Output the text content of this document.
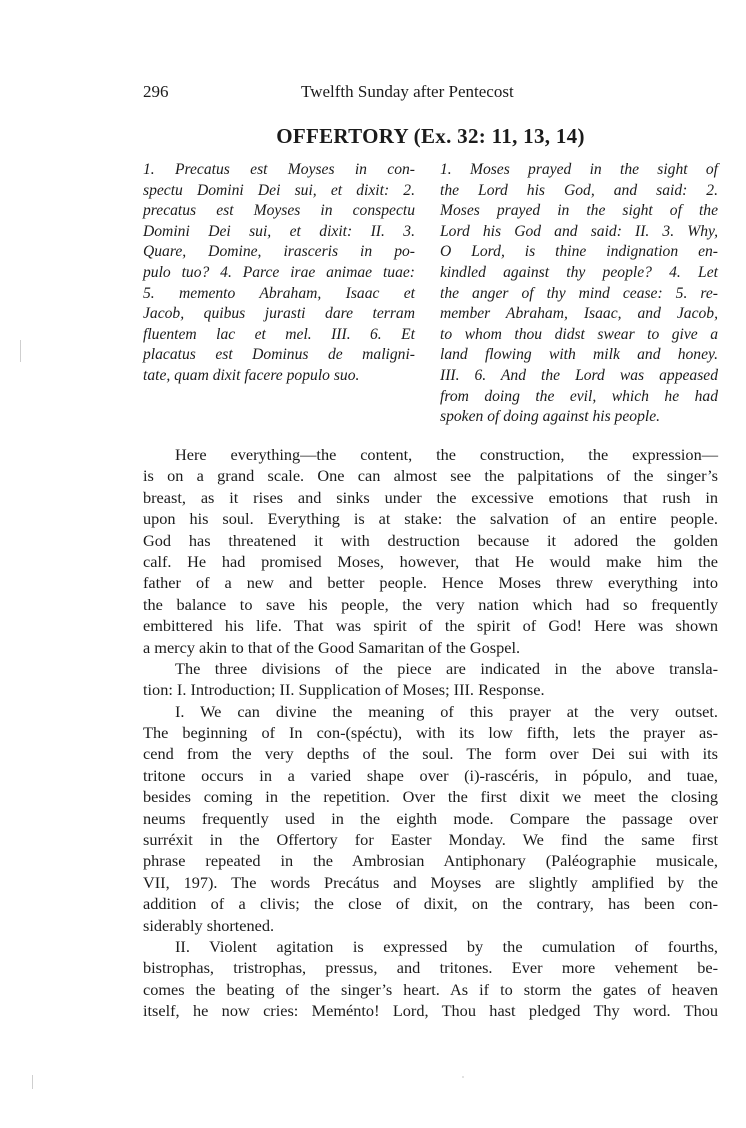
296	Twelfth Sunday after Pentecost
OFFERTORY (Ex. 32: 11, 13, 14)
1. Precatus est Moyses in con-
spectu Domini Dei sui, et dixit: 2.
precatus est Moyses in conspectu
Domini Dei sui, et dixit: II. 3.
Quare, Domine, irasceris in po-
pulo tuo? 4. Parce irae animae tuae:
5. memento Abraham, Isaac et
Jacob, quibus jurasti dare terram
fluentem lac et mel. III. 6. Et
placatus est Dominus de maligni-
tate, quam dixit facere populo suo.
1. Moses prayed in the sight of
the Lord his God, and said: 2.
Moses prayed in the sight of the
Lord his God and said: II. 3. Why,
O Lord, is thine indignation en-
kindled against thy people? 4. Let
the anger of thy mind cease: 5. re-
member Abraham, Isaac, and Jacob,
to whom thou didst swear to give a
land flowing with milk and honey.
III. 6. And the Lord was appeased
from doing the evil, which he had
spoken of doing against his people.
Here everything—the content, the construction, the expression—
is on a grand scale. One can almost see the palpitations of the singer’s
breast, as it rises and sinks under the excessive emotions that rush in
upon his soul. Everything is at stake: the salvation of an entire people.
God has threatened it with destruction because it adored the golden
calf. He had promised Moses, however, that He would make him the
father of a new and better people. Hence Moses threw everything into
the balance to save his people, the very nation which had so frequently
embittered his life. That was spirit of the spirit of God! Here was shown
a mercy akin to that of the Good Samaritan of the Gospel.
The three divisions of the piece are indicated in the above transla-
tion: I. Introduction; II. Supplication of Moses; III. Response.
I. We can divine the meaning of this prayer at the very outset.
The beginning of In con-(spéctu), with its low fifth, lets the prayer as-
cend from the very depths of the soul. The form over Dei sui with its
tritone occurs in a varied shape over (i)-rascéris, in pópulo, and tuae,
besides coming in the repetition. Over the first dixit we meet the closing
neums frequently used in the eighth mode. Compare the passage over
surréxit in the Offertory for Easter Monday. We find the same first
phrase repeated in the Ambrosian Antiphonary (Paléographie musicale,
VII, 197). The words Precátus and Moyses are slightly amplified by the
addition of a clivis; the close of dixit, on the contrary, has been con-
siderably shortened.
II. Violent agitation is expressed by the cumulation of fourths,
bistrophas, tristrophas, pressus, and tritones. Ever more vehement be-
comes the beating of the singer’s heart. As if to storm the gates of heaven
itself, he now cries: Meménto! Lord, Thou hast pledged Thy word. Thou
